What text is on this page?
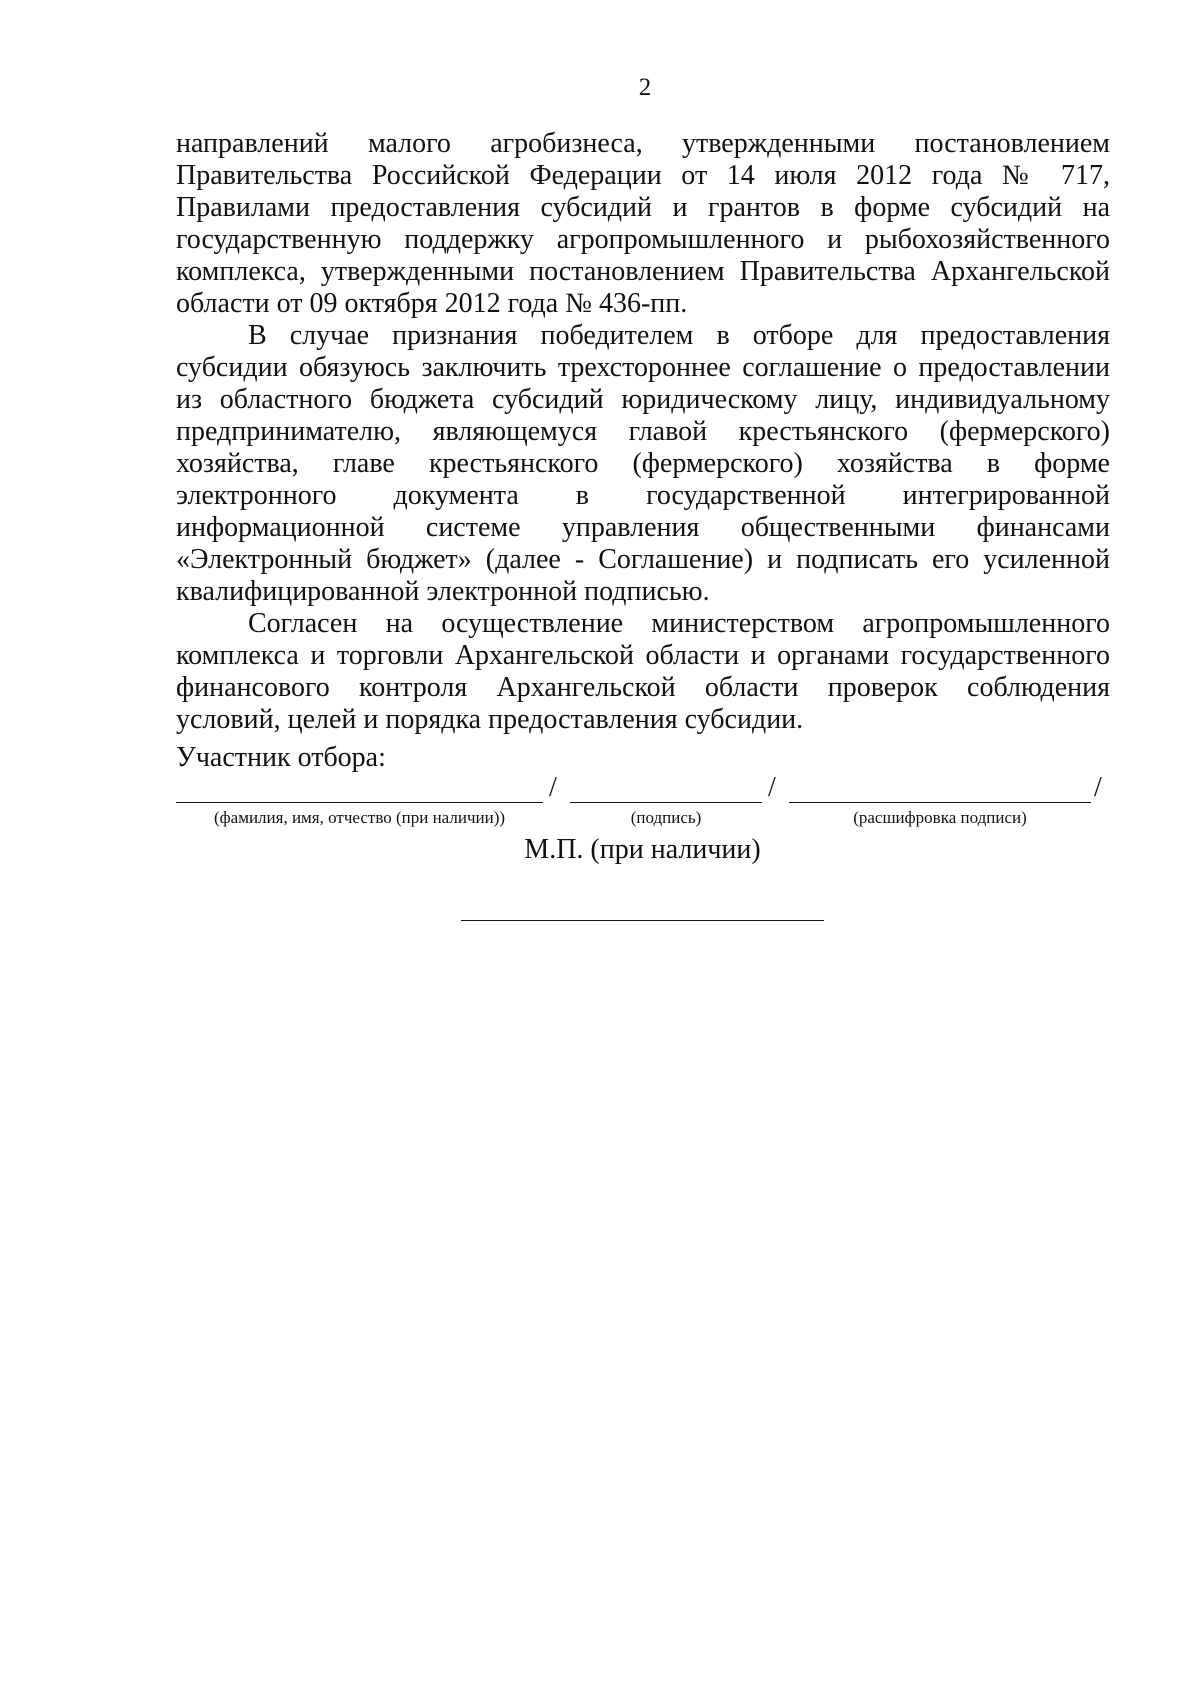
2

направлений малого агробизнеса, утвержденными постановлением Правительства Российской Федерации от 14 июля 2012 года № 717, Правилами предоставления субсидий и грантов в форме субсидий на государственную поддержку агропромышленного и рыбохозяйственного комплекса, утвержденными постановлением Правительства Архангельской области от 09 октября 2012 года № 436-пп.

В случае признания победителем в отборе для предоставления субсидии обязуюсь заключить трехстороннее соглашение о предоставлении из областного бюджета субсидий юридическому лицу, индивидуальному предпринимателю, являющемуся главой крестьянского (фермерского) хозяйства, главе крестьянского (фермерского) хозяйства в форме электронного документа в государственной интегрированной информационной системе управления общественными финансами «Электронный бюджет» (далее - Соглашение) и подписать его усиленной квалифицированной электронной подписью.

Согласен на осуществление министерством агропромышленного комплекса и торговли Архангельской области и органами государственного финансового контроля Архангельской области проверок соблюдения условий, целей и порядка предоставления субсидии.

Участник отбора:
/	/	/
(фамилия, имя, отчество (при наличии))	(подпись)	(расшифровка подписи)
М.П. (при наличии)
